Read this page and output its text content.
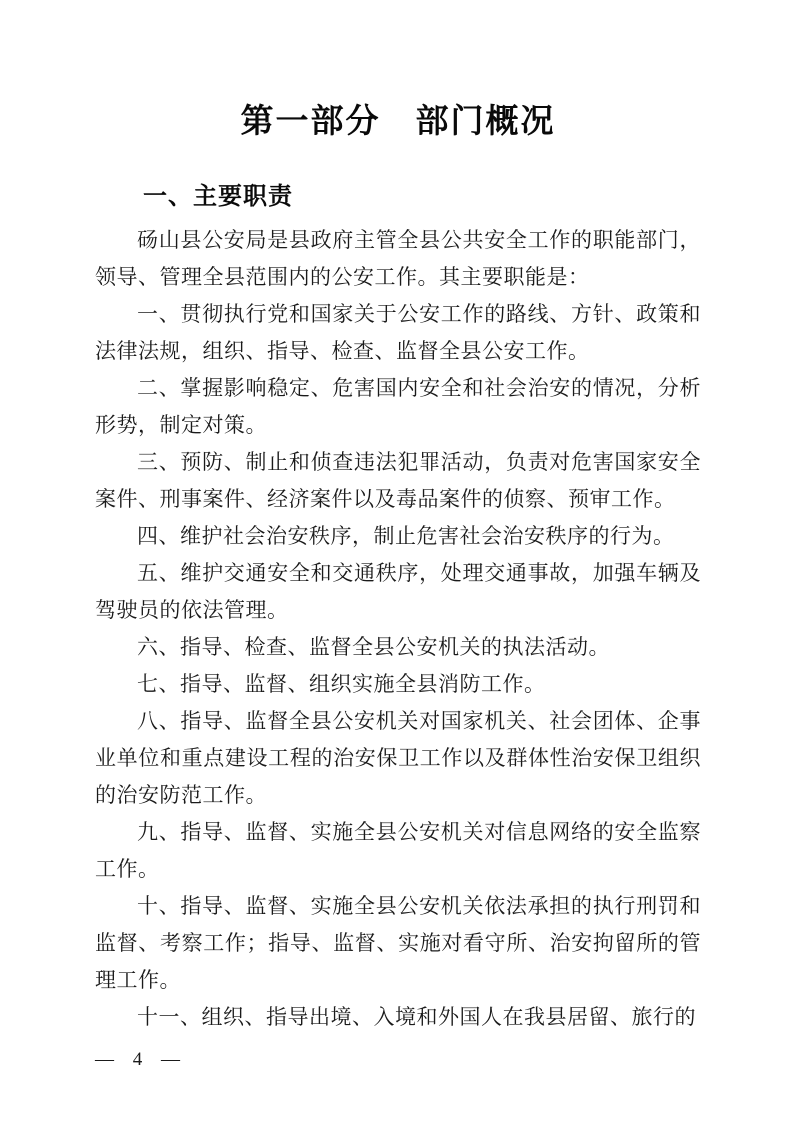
第一部分　部门概况
一、主要职责

砀山县公安局是县政府主管全县公共安全工作的职能部门，领导、管理全县范围内的公安工作。其主要职能是：

一、贯彻执行党和国家关于公安工作的路线、方针、政策和法律法规，组织、指导、检查、监督全县公安工作。

二、掌握影响稳定、危害国内安全和社会治安的情况，分析形势，制定对策。

三、预防、制止和侦查违法犯罪活动，负责对危害国家安全案件、刑事案件、经济案件以及毒品案件的侦察、预审工作。

四、维护社会治安秩序，制止危害社会治安秩序的行为。

五、维护交通安全和交通秩序，处理交通事故，加强车辆及驾驶员的依法管理。

六、指导、检查、监督全县公安机关的执法活动。

七、指导、监督、组织实施全县消防工作。

八、指导、监督全县公安机关对国家机关、社会团体、企事业单位和重点建设工程的治安保卫工作以及群体性治安保卫组织的治安防范工作。

九、指导、监督、实施全县公安机关对信息网络的安全监察工作。

十、指导、监督、实施全县公安机关依法承担的执行刑罚和监督、考察工作；指导、监督、实施对看守所、治安拘留所的管理工作。

十一、组织、指导出境、入境和外国人在我县居留、旅行的

— 4 —
